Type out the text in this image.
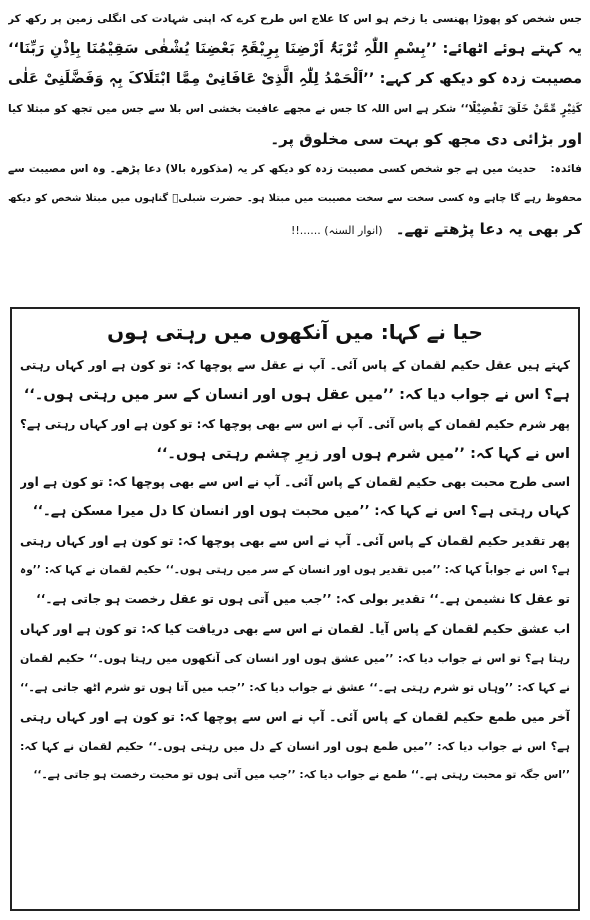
جس شخص کو پھوڑا پھنسی یا زخم ہو اس کا علاج اس طرح کرے کہ اپنی شہادت کی انگلی زمین پر رکھ کر
یہ کہتے ہوئے اٹھائے: ’’بِسْمِ اللّٰہِ تُرْبَۃُ اَرْضِنَا بِرِیْقَۃِ بَعْضِنَا یُشْفٰی سَقِیْمُنَا بِاِذْنِ رَبِّنَا‘‘
مصیبت زدہ کو دیکھ کر کہے: ’’اَلْحَمْدُ لِلّٰہِ الَّذِیْ عَافَانِیْ مِمَّا ابْتَلَاکَ بِہٖ وَفَضَّلَنِیْ عَلٰی
کَثِیْرٍ مِّمَّنْ خَلَقَ تَفْضِیْلًا‘‘ شکر ہے اس اللہ کا جس نے مجھے عافیت بخشی اس بلا سے جس میں تجھ کو مبتلا کیا
اور بڑائی دی مجھ کو بہت سی مخلوق پر۔
فائدہ: حدیث میں ہے جو شخص کسی مصیبت زدہ کو دیکھ کر یہ (مذکورہ بالا) دعا پڑھے۔ وہ اس مصیبت سے
محفوظ رہے گا چاہے وہ کسی سخت سے سخت مصیبت میں مبتلا ہو۔ حضرت شبلیؒ گناہوں میں مبتلا شخص کو دیکھ
کر بھی یہ دعا پڑھتے تھے۔ (انوار السنہ) ......!!
حیا نے کہا: میں آنکھوں میں رہتی ہوں
کہتے ہیں عقل حکیم لقمان کے پاس آئی۔ آپ نے عقل سے پوچھا کہ: تو کون ہے اور کہاں رہتی
ہے؟ اس نے جواب دیا کہ: ’’میں عقل ہوں اور انسان کے سر میں رہتی ہوں۔‘‘
پھر شرم حکیم لقمان کے پاس آئی۔ آپ نے اس سے بھی پوچھا کہ: تو کون ہے اور کہاں رہتی ہے؟
اس نے کہا کہ: ’’میں شرم ہوں اور زیرِ چشم رہتی ہوں۔‘‘
اسی طرح محبت بھی حکیم لقمان کے پاس آئی۔ آپ نے اس سے بھی پوچھا کہ: تو کون ہے اور
کہاں رہتی ہے؟ اس نے کہا کہ: ’’میں محبت ہوں اور انسان کا دل میرا مسکن ہے۔‘‘
پھر تقدیر حکیم لقمان کے پاس آئی۔ آپ نے اس سے بھی پوچھا کہ: تو کون ہے اور کہاں رہتی
ہے؟ اس نے جواباً کہا کہ: ’’میں تقدیر ہوں اور انسان کے سر میں رہتی ہوں۔‘‘ حکیم لقمان نے کہا کہ: ’’وہ
تو عقل کا نشیمن ہے۔‘‘ تقدیر بولی کہ: ’’جب میں آتی ہوں تو عقل رخصت ہو جاتی ہے۔‘‘
اب عشق حکیم لقمان کے پاس آیا۔ لقمان نے اس سے بھی دریافت کیا کہ: تو کون ہے اور کہاں
رہتا ہے؟ تو اس نے جواب دیا کہ: ’’میں عشق ہوں اور انسان کی آنکھوں میں رہتا ہوں۔‘‘ حکیم لقمان
نے کہا کہ: ’’وہاں تو شرم رہتی ہے۔‘‘ عشق نے جواب دیا کہ: ’’جب میں آتا ہوں تو شرم اٹھ جاتی ہے۔‘‘
آخر میں طمع حکیم لقمان کے پاس آئی۔ آپ نے اس سے پوچھا کہ: تو کون ہے اور کہاں رہتی
ہے؟ اس نے جواب دیا کہ: ’’میں طمع ہوں اور انسان کے دل میں رہتی ہوں۔‘‘ حکیم لقمان نے کہا کہ:
’’اس جگہ تو محبت رہتی ہے۔‘‘ طمع نے جواب دیا کہ: ’’جب میں آتی ہوں تو محبت رخصت ہو جاتی ہے۔‘‘
